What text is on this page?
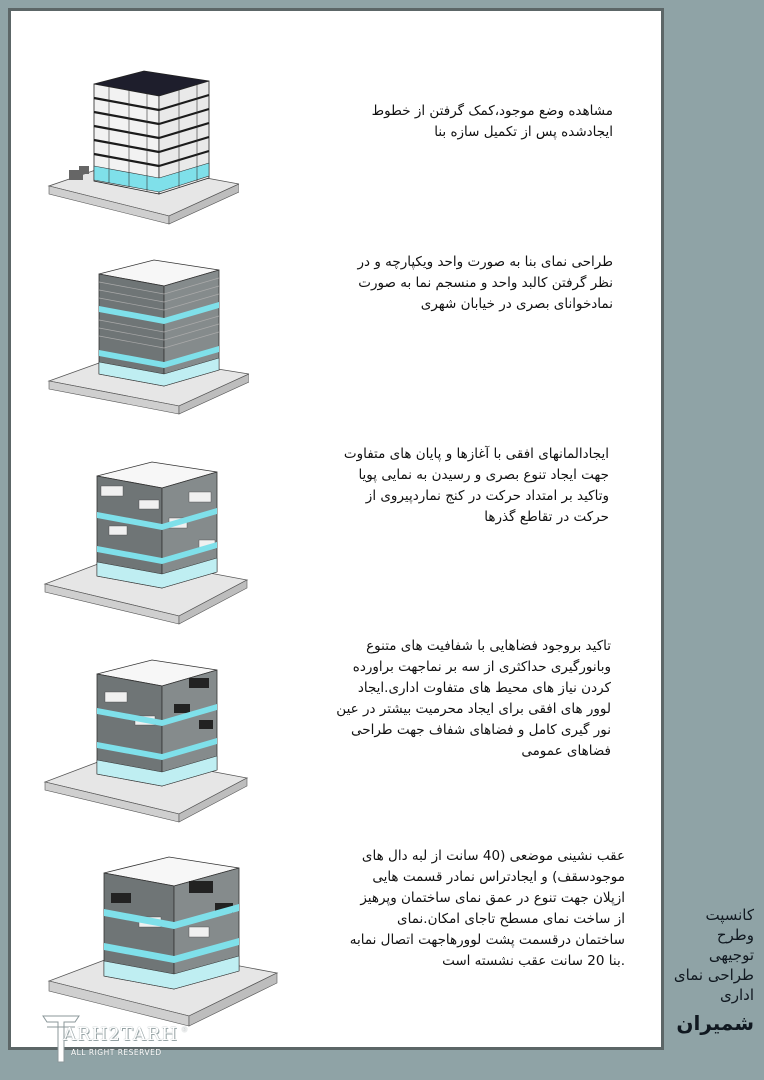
مشاهده وضع موجود،کمک گرفتن از خطوط
ایجادشده پس از تکمیل سازه بنا
طراحی نمای بنا به صورت واحد ویکپارچه و در
نظر گرفتن کالبد واحد و منسجم نما به صورت
نمادخوانای بصری در خیابان شهری
ایجادالمانهای افقی با آغازها و پایان های متفاوت
جهت ایجاد تنوع بصری و رسیدن به نمایی پویا
وتاکید بر امتداد حرکت در کنج نماردپیروی از
حرکت در تقاطع گذرها
تاکید بروجود فضاهایی با شفافیت های متنوع
وبانورگیری حداکثری از سه بر نماجهت براورده
کردن نیاز های محیط های متفاوت اداری.ایجاد
لوور های افقی برای ایجاد محرمیت بیشتر در عین
نور گیری کامل و فضاهای شفاف جهت طراحی
فضاهای عمومی
عقب نشینی موضعی (40 سانت از لبه دال های
موجودسقف) و ایجادتراس نمادر قسمت هایی
ازپلان جهت تنوع در عمق نمای ساختمان وپرهیز
از ساخت نمای مسطح تاجای امکان.نمای
ساختمان درقسمت پشت لوورهاجهت اتصال نمابه
.بنا 20 سانت عقب نشسته است
ARH2TARH ®
ALL RIGHT RESERVED
کانسپت
وطرح
توجیهی
طراحی نمای
اداری
شمیران
